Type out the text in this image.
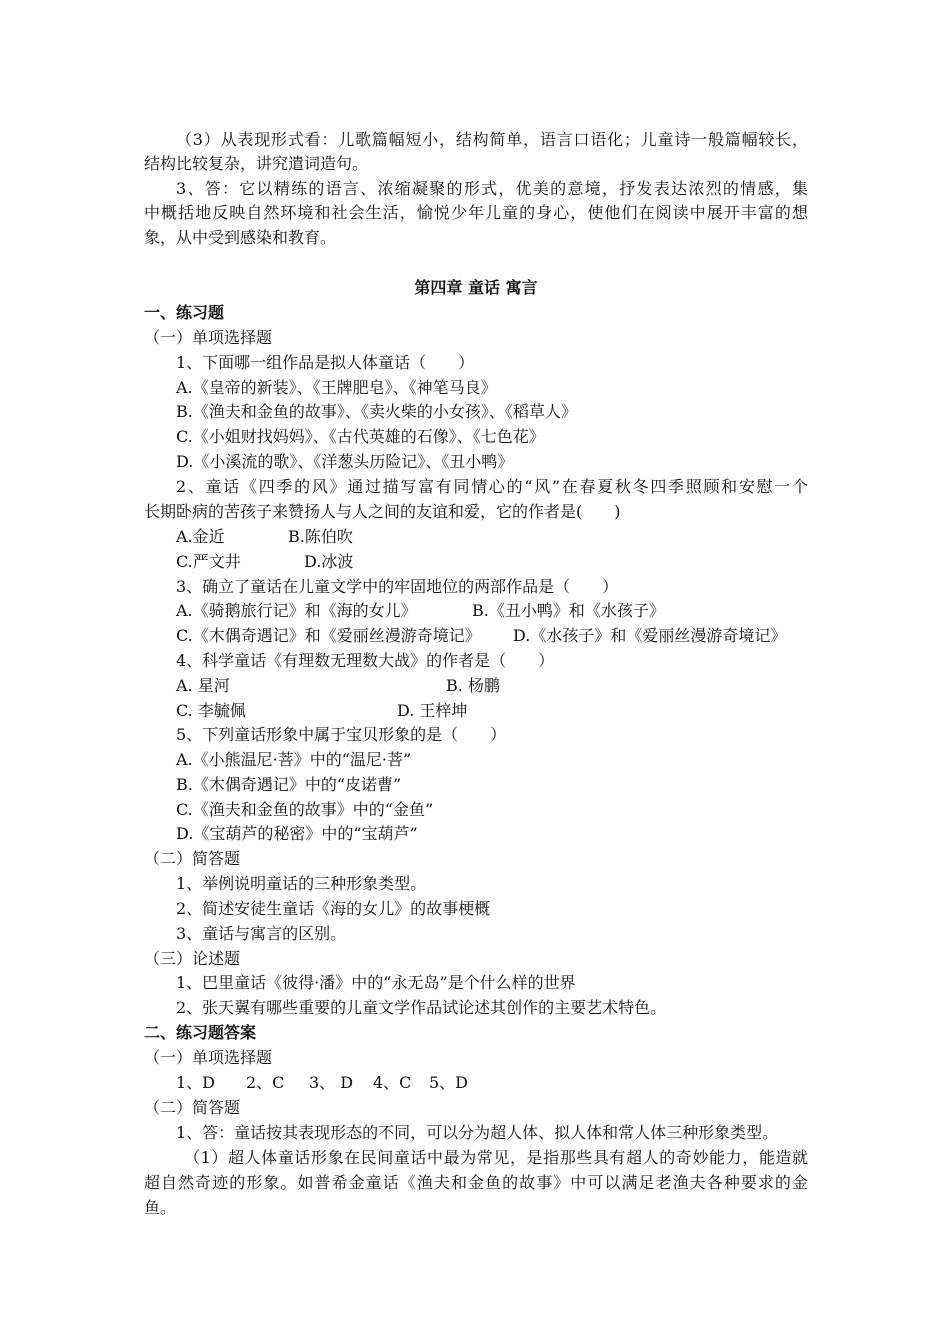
（3）从表现形式看：儿歌篇幅短小，结构简单，语言口语化；儿童诗一般篇幅较长，
结构比较复杂，讲究遣词造句。
3、答：它以精练的语言、浓缩凝聚的形式，优美的意境，抒发表达浓烈的情感，集
中概括地反映自然环境和社会生活，愉悦少年儿童的身心，使他们在阅读中展开丰富的想
象，从中受到感染和教育。
第四章 童话 寓言
一、练习题
（一）单项选择题
1、下面哪一组作品是拟人体童话（　　）
A.《皇帝的新装》、《王牌肥皂》、《神笔马良》
B.《渔夫和金鱼的故事》、《卖火柴的小女孩》、《稻草人》
C.《小姐财找妈妈》、《古代英雄的石像》、《七色花》
D.《小溪流的歌》、《洋葱头历险记》、《丑小鸭》
2、童话《四季的风》通过描写富有同情心的“风”在春夏秋冬四季照顾和安慰一个
长期卧病的苦孩子来赞扬人与人之间的友谊和爱，它的作者是(　　)
A.金近	B.陈伯吹
C.严文井	D.冰波
3、确立了童话在儿童文学中的牢固地位的两部作品是（　　）
A.《骑鹅旅行记》和《海的女儿》	B.《丑小鸭》和《水孩子》
C.《木偶奇遇记》和《爱丽丝漫游奇境记》 D.《水孩子》和《爱丽丝漫游奇境记》
4、科学童话《有理数无理数大战》的作者是（　　）
A. 星河	B. 杨鹏
C. 李毓佩	D. 王梓坤
5、下列童话形象中属于宝贝形象的是（　　）
A.《小熊温尼·菩》中的“温尼·菩”
B.《木偶奇遇记》中的“皮诺曹”
C.《渔夫和金鱼的故事》中的“金鱼”
D.《宝葫芦的秘密》中的“宝葫芦”
（二）简答题
1、举例说明童话的三种形象类型。
2、简述安徒生童话《海的女儿》的故事梗概
3、童话与寓言的区别。
（三）论述题
1、巴里童话《彼得·潘》中的“永无岛”是个什么样的世界
2、张天翼有哪些重要的儿童文学作品试论述其创作的主要艺术特色。
二、练习题答案
（一）单项选择题
1、D 2、C 3、 D 4、C 5、D
（二）简答题
1、答：童话按其表现形态的不同，可以分为超人体、拟人体和常人体三种形象类型。
（1）超人体童话形象在民间童话中最为常见，是指那些具有超人的奇妙能力，能造就
超自然奇迹的形象。如普希金童话《渔夫和金鱼的故事》中可以满足老渔夫各种要求的金
鱼。
